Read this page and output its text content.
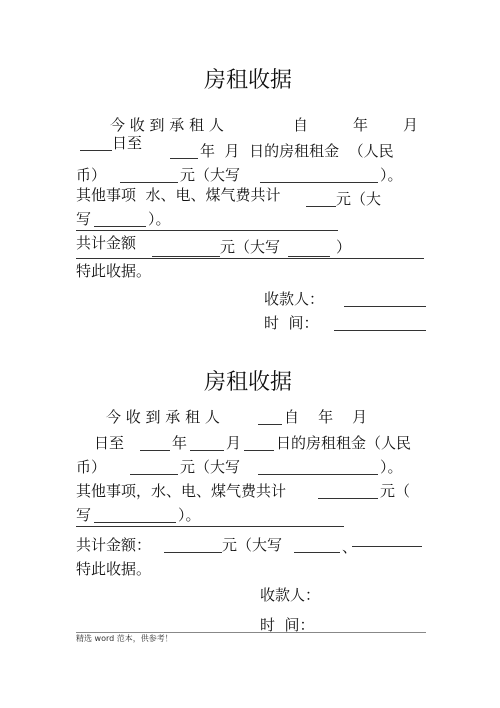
房租收据
今 收 到 承 租 人	自	年 月
日至	年  月  日的房租租金  （人民
币）	元（大写	）。
其他事项  水、电、煤气费共计	元（大
写	）。
共计金额	元（大写	）
特此收据。
收款人：
时  间：
房租收据
今 收 到 承 租 人	自    年    月
日至	年	月 日的房租租金（人民
币）	元（大写	）。
其他事项，水、电、煤气费共计	元（
写	）。
共计金额：	元（大写	、
特此收据。
收款人：
时  间：
精选 word 范本，供参考！
